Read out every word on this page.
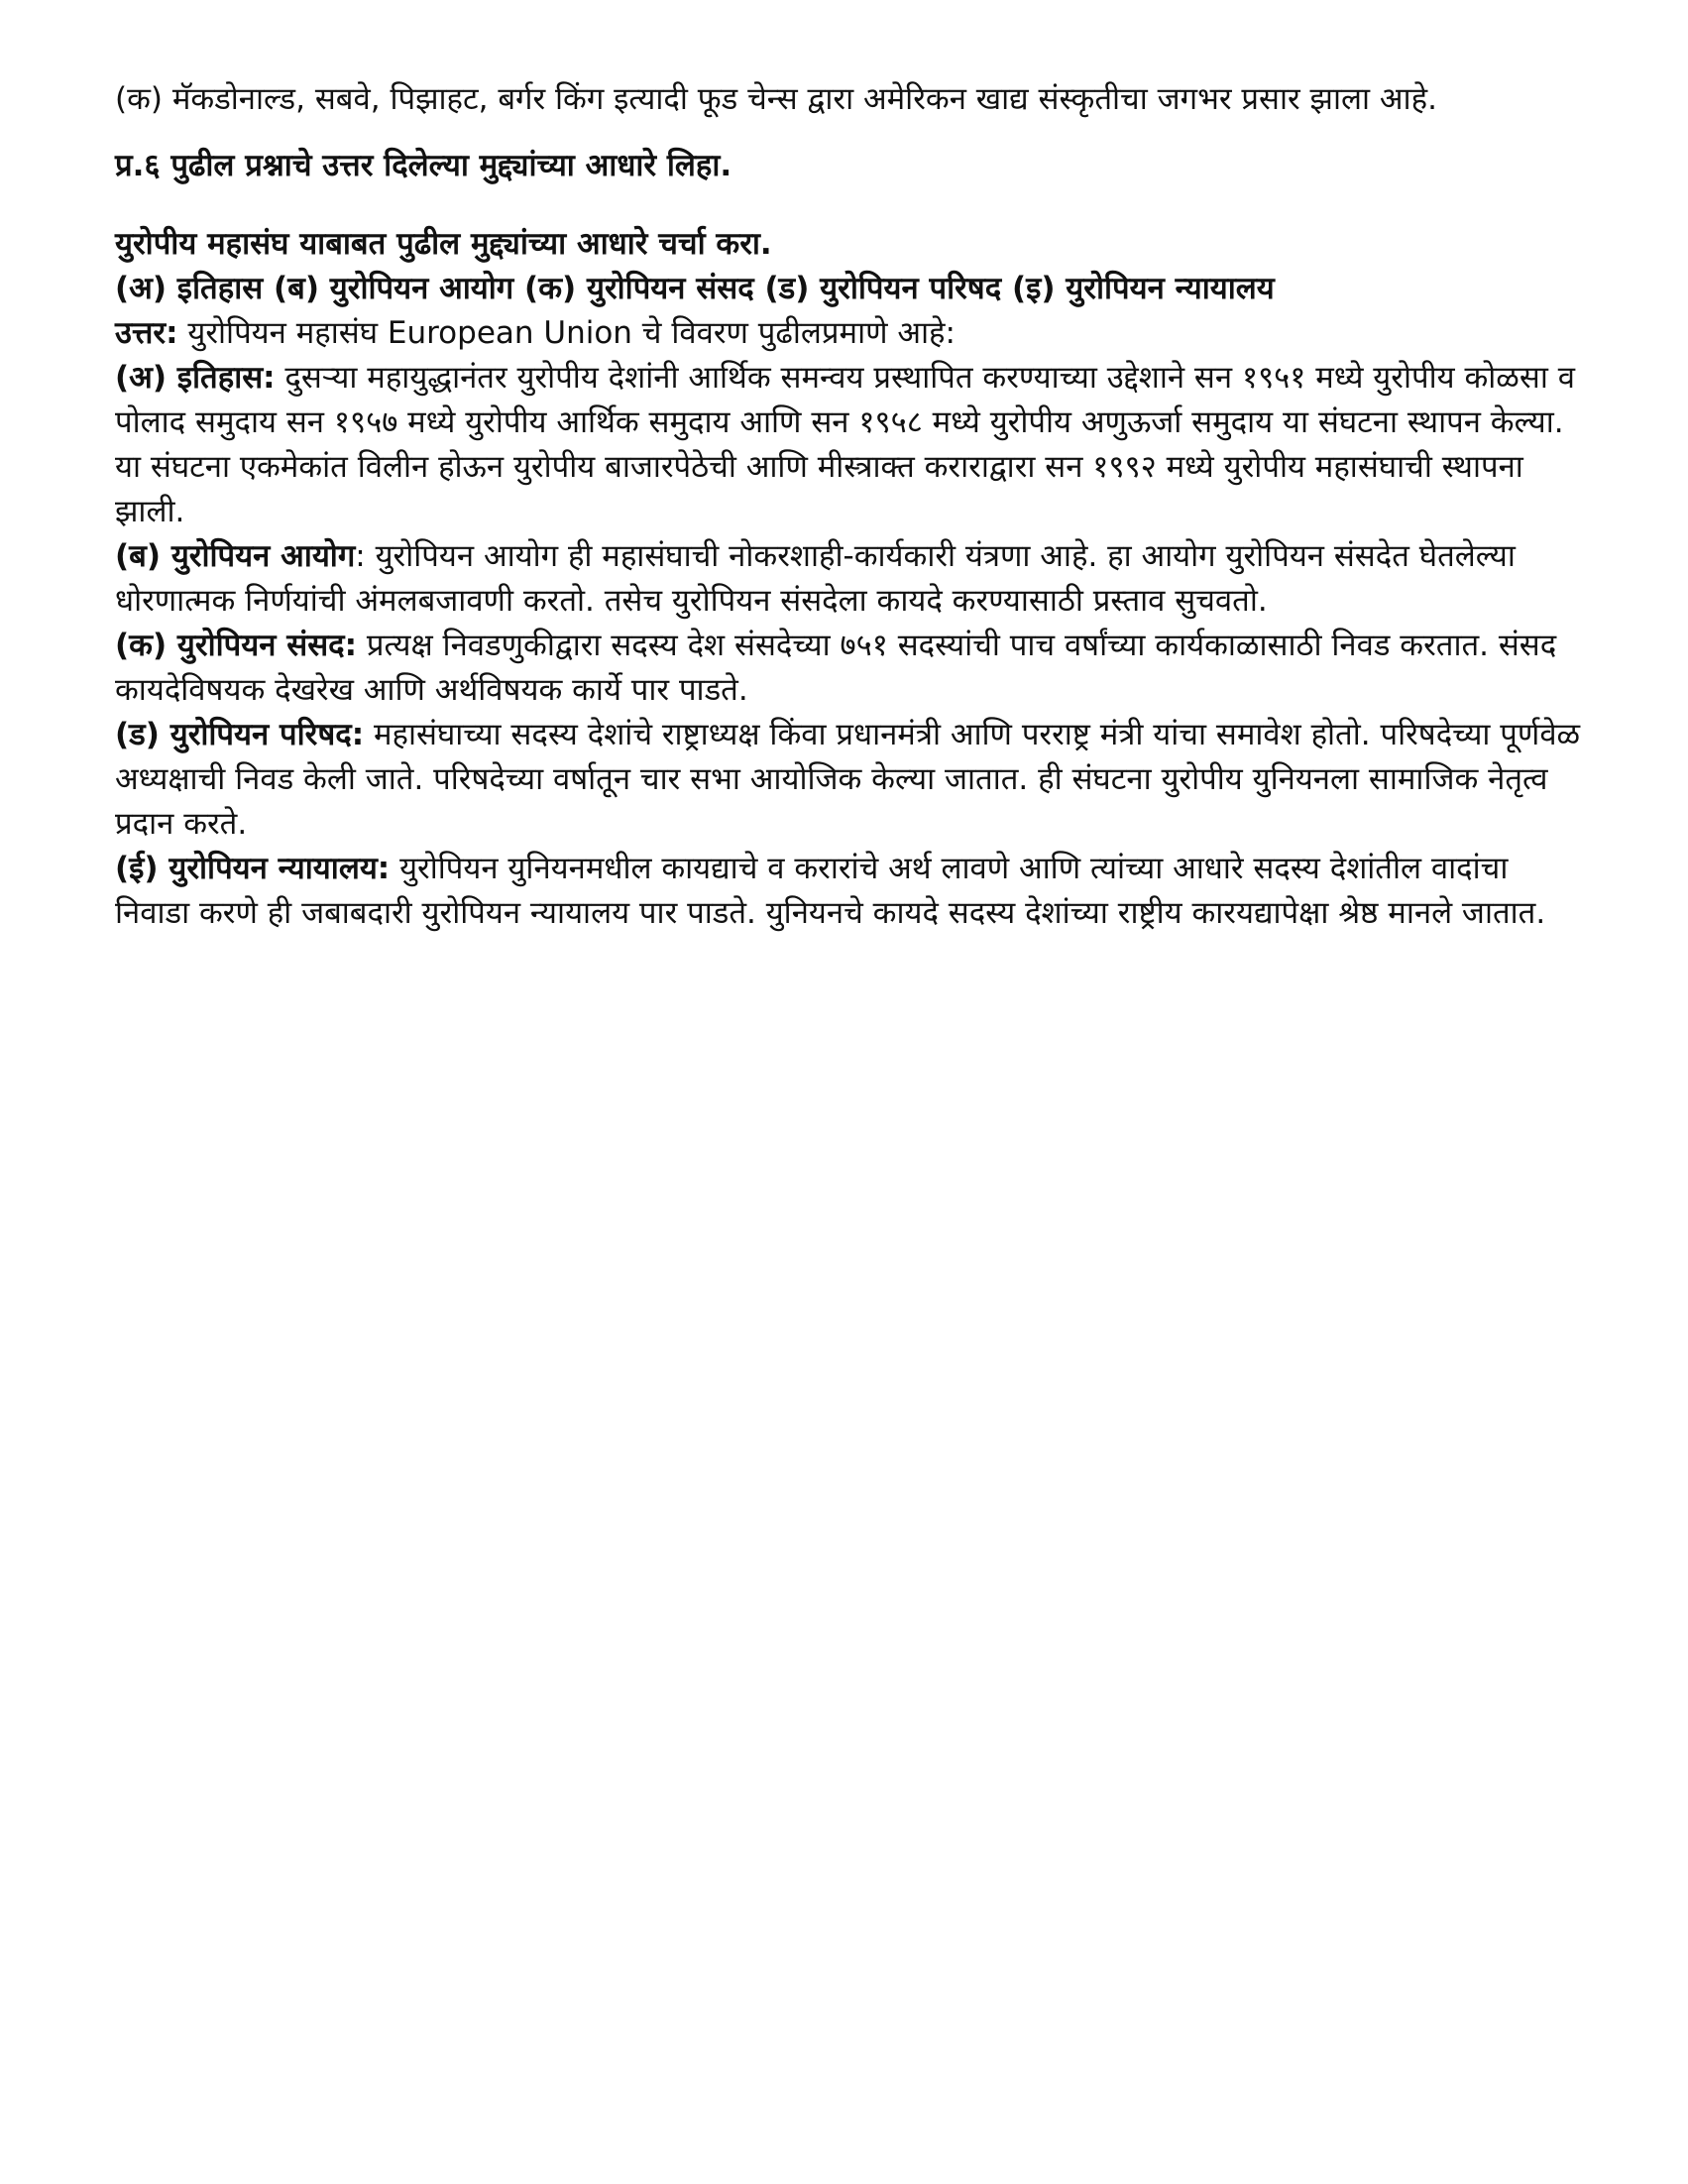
(क) मॅकडोनाल्ड, सबवे, पिझाहट, बर्गर किंग इत्यादी फूड चेन्स द्वारा अमेरिकन खाद्य संस्कृतीचा जगभर प्रसार झाला आहे.

प्र.६ पुढील प्रश्नाचे उत्तर दिलेल्या मुद्द्यांच्या आधारे लिहा.

युरोपीय महासंघ याबाबत पुढील मुद्द्यांच्या आधारे चर्चा करा.

(अ) इतिहास (ब) युरोपियन आयोग (क) युरोपियन संसद (ड) युरोपियन परिषद (इ) युरोपियन न्यायालय

उत्तर: युरोपियन महासंघ European Union चे विवरण पुढीलप्रमाणे आहे:

(अ) इतिहास: दुसऱ्या महायुद्धानंतर युरोपीय देशांनी आर्थिक समन्वय प्रस्थापित करण्याच्या उद्देशाने सन १९५१ मध्ये युरोपीय कोळसा व पोलाद समुदाय सन १९५७ मध्ये युरोपीय आर्थिक समुदाय आणि सन १९५८ मध्ये युरोपीय अणुऊर्जा समुदाय या संघटना स्थापन केल्या. या संघटना एकमेकांत विलीन होऊन युरोपीय बाजारपेठेची आणि मीस्त्राक्त कराराद्वारा सन १९९२ मध्ये युरोपीय महासंघाची स्थापना झाली.

(ब) युरोपियन आयोग: युरोपियन आयोग ही महासंघाची नोकरशाही-कार्यकारी यंत्रणा आहे. हा आयोग युरोपियन संसदेत घेतलेल्या धोरणात्मक निर्णयांची अंमलबजावणी करतो. तसेच युरोपियन संसदेला कायदे करण्यासाठी प्रस्ताव सुचवतो.

(क) युरोपियन संसद: प्रत्यक्ष निवडणुकीद्वारा सदस्य देश संसदेच्या ७५१ सदस्यांची पाच वर्षांच्या कार्यकाळासाठी निवड करतात. संसद कायदेविषयक देखरेख आणि अर्थविषयक कार्ये पार पाडते.

(ड) युरोपियन परिषद: महासंघाच्या सदस्य देशांचे राष्ट्राध्यक्ष किंवा प्रधानमंत्री आणि परराष्ट्र मंत्री यांचा समावेश होतो. परिषदेच्या पूर्णवेळ अध्यक्षाची निवड केली जाते. परिषदेच्या वर्षातून चार सभा आयोजिक केल्या जातात. ही संघटना युरोपीय युनियनला सामाजिक नेतृत्व प्रदान करते.

(ई) युरोपियन न्यायालय: युरोपियन युनियनमधील कायद्याचे व करारांचे अर्थ लावणे आणि त्यांच्या आधारे सदस्य देशांतील वादांचा निवाडा करणे ही जबाबदारी युरोपियन न्यायालय पार पाडते. युनियनचे कायदे सदस्य देशांच्या राष्ट्रीय कारयद्यापेक्षा श्रेष्ठ मानले जातात.
